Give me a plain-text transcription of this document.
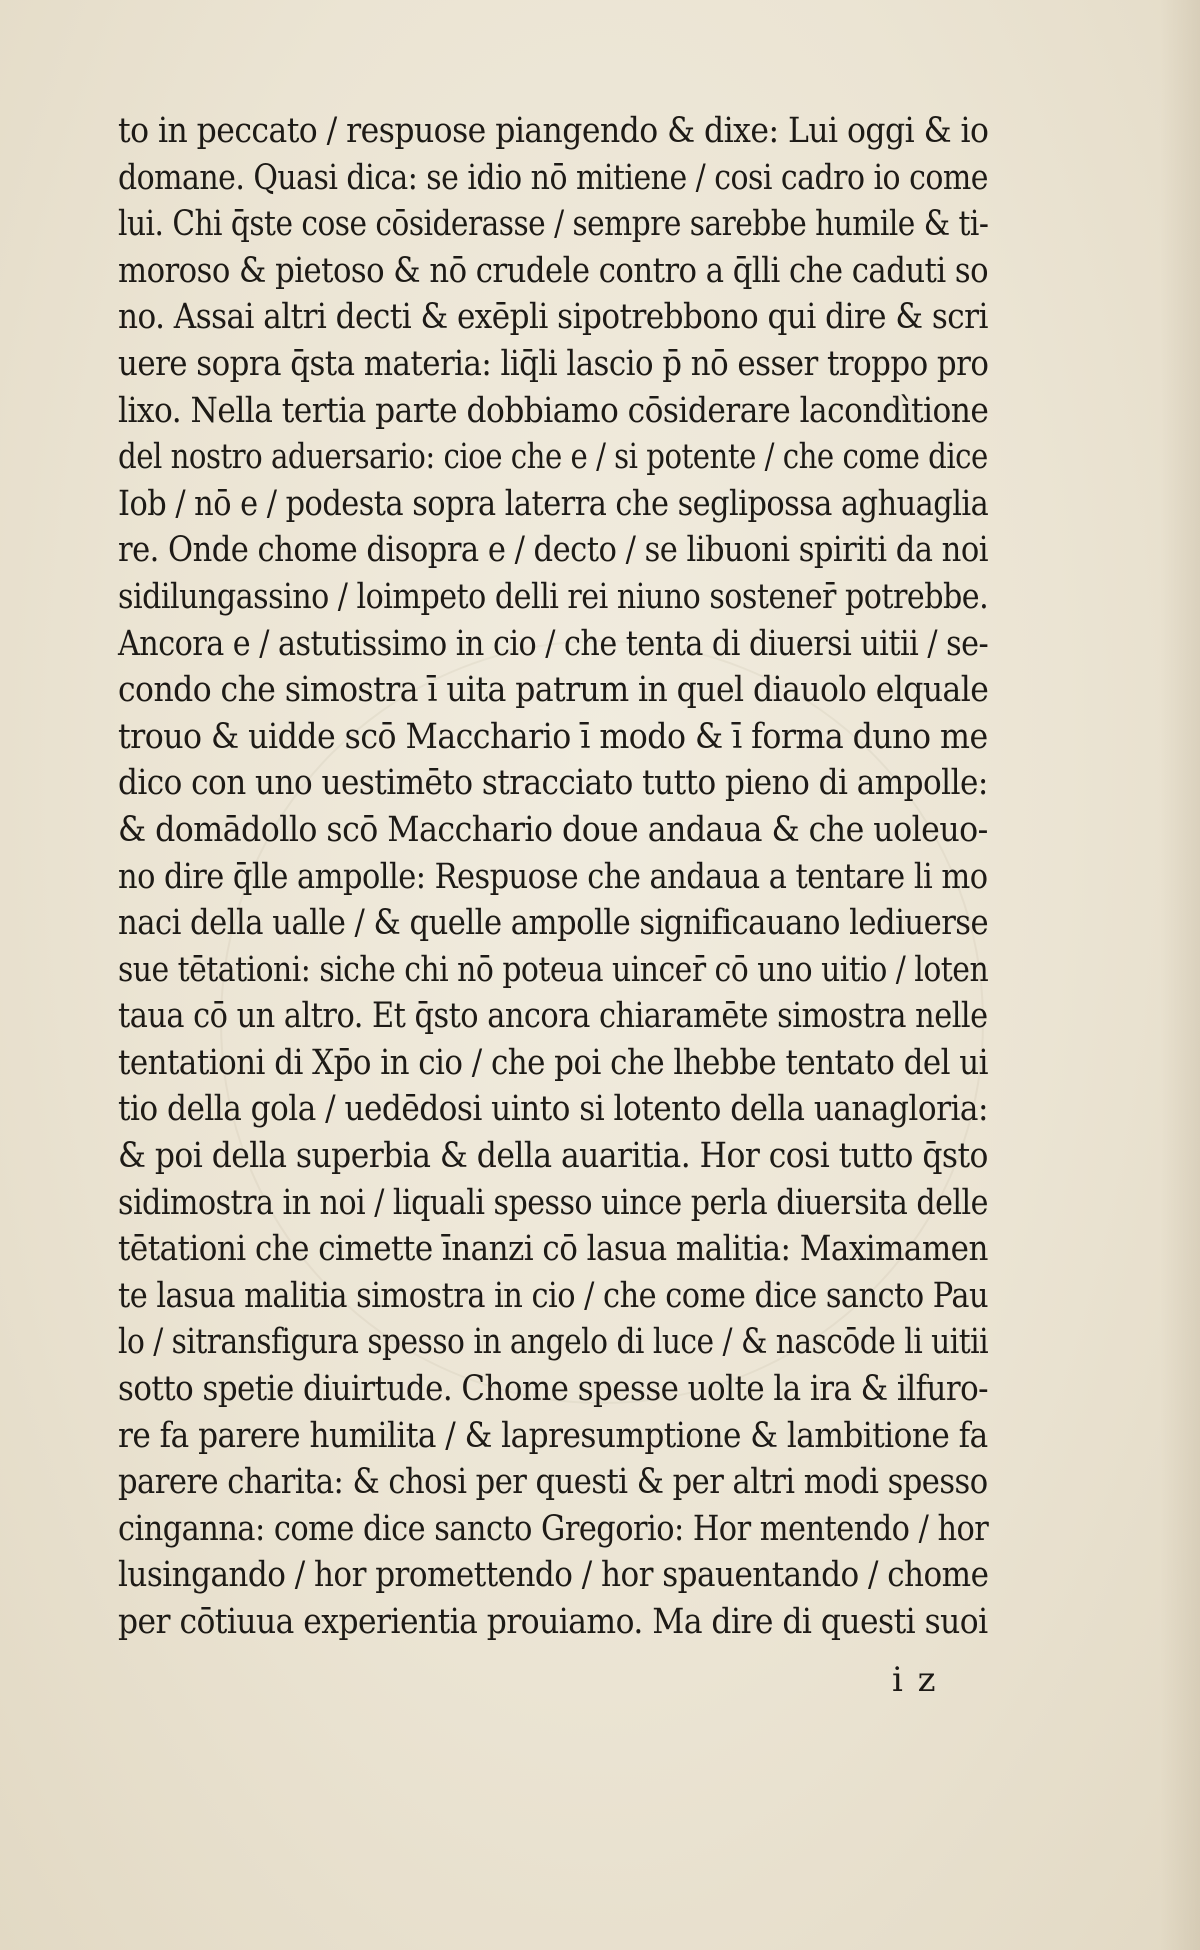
to in peccato / respuose piangendo & dixe: Lui oggi & io
domane. Quasi dica: se idio nō mitiene / cosi cadro io come
lui. Chi q̄ste cose cōsiderasse / sempre sarebbe humile & ti-
moroso & pietoso & nō crudele contro a q̄lli che caduti so
no. Assai altri decti & exēpli sipotrebbono qui dire & scri
uere sopra q̄sta materia: liq̄li lascio p̄ nō esser troppo pro
lixo. Nella tertia parte dobbiamo cōsiderare lacondìtione
del nostro aduersario: cioe che e / si potente / che come dice
Iob / nō e / podesta sopra laterra che seglipossa aghuaglia
re. Onde chome disopra e / decto / se libuoni spiriti da noi
sidilungassino / loimpeto delli rei niuno sostener̄ potrebbe.
Ancora e / astutissimo in cio / che tenta di diuersi uitii / se-
condo che simostra ī uita patrum in quel diauolo elquale
trouo & uidde scō Macchario ī modo & ī forma duno me
dico con uno uestimēto stracciato tutto pieno di ampolle:
& domādollo scō Macchario doue andaua & che uoleuo-
no dire q̄lle ampolle: Respuose che andaua a tentare li mo
naci della ualle / & quelle ampolle significauano lediuerse
sue tētationi: siche chi nō poteua uincer̄ cō uno uitio / loten
taua cō un altro. Et q̄sto ancora chiaramēte simostra nelle
tentationi di Xp̄o in cio / che poi che lhebbe tentato del ui
tio della gola / uedēdosi uinto si lotento della uanagloria:
& poi della superbia & della auaritia. Hor cosi tutto q̄sto
sidimostra in noi / liquali spesso uince perla diuersita delle
tētationi che cimette īnanzi cō lasua malitia: Maximamen
te lasua malitia simostra in cio / che come dice sancto Pau
lo / sitransfigura spesso in angelo di luce / & nascōde li uitii
sotto spetie diuirtude. Chome spesse uolte la ira & ilfuro-
re fa parere humilita / & lapresumptione & lambitione fa
parere charita: & chosi per questi & per altri modi spesso
cinganna: come dice sancto Gregorio: Hor mentendo / hor
lusingando / hor promettendo / hor spauentando / chome
per cōtiuua experientia prouiamo. Ma dire di questi suoi
i z
